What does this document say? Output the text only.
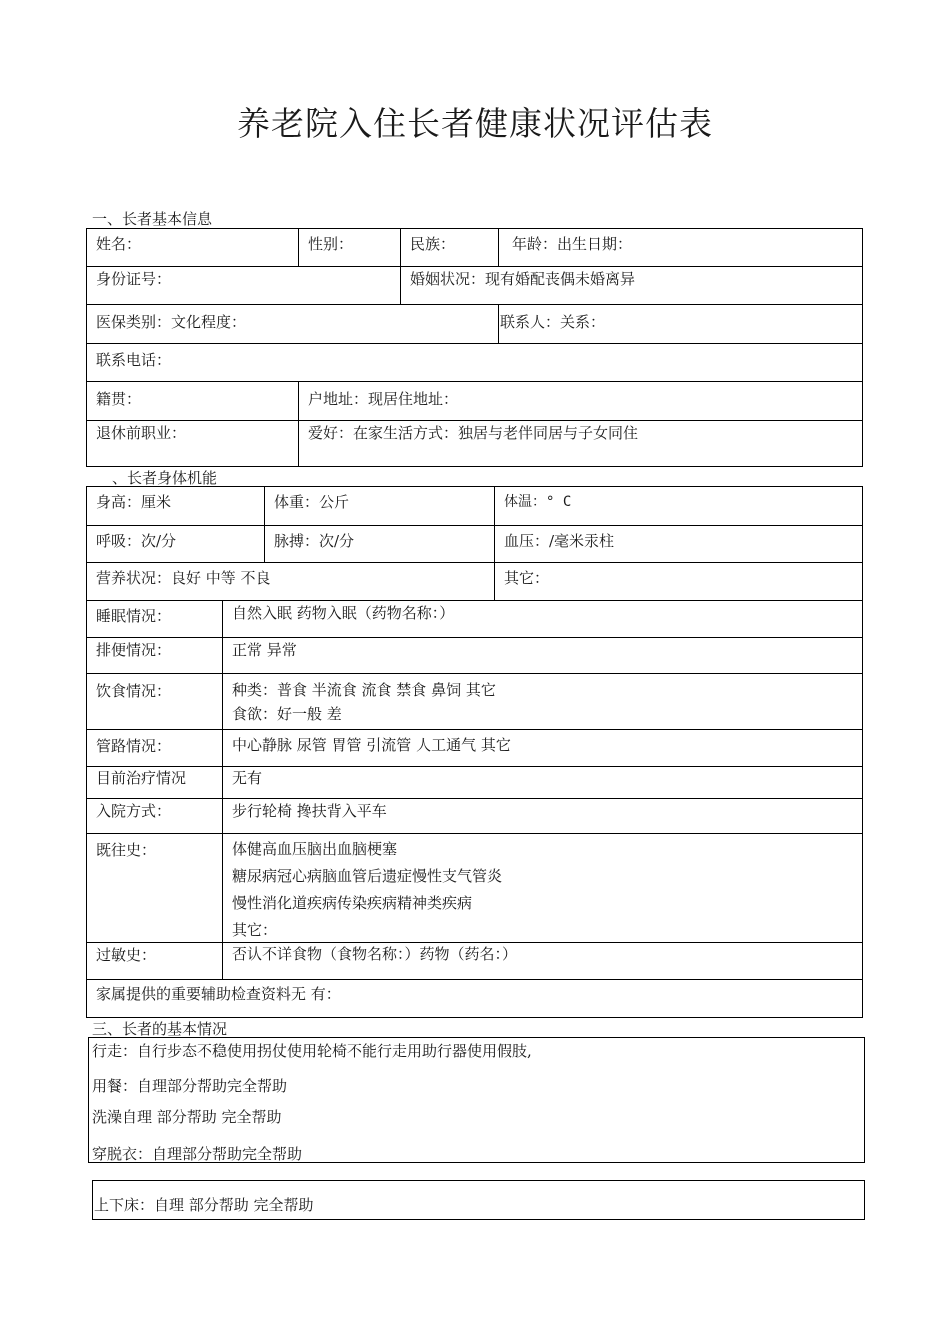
养老院入住长者健康状况评估表
一、长者基本信息
姓名：	性别：	民族：	年龄：出生日期：
身份证号：	婚姻状况：现有婚配丧偶未婚离异
医保类别：文化程度：	联系人：关系：
联系电话：
籍贯：	户地址：现居住地址：
退休前职业：	爱好：在家生活方式：独居与老伴同居与子女同住
、长者身体机能
身高：厘米	体重：公斤	体温：° C
呼吸：次/分	脉搏：次/分	血压：/毫米汞柱
营养状况：良好 中等 不良	其它：
睡眠情况：	自然入眠 药物入眠（药物名称：）
排便情况：	正常 异常
饮食情况：	种类：普食 半流食 流食 禁食 鼻饲 其它
食欲：好一般 差
管路情况：	中心静脉 尿管 胃管 引流管 人工通气 其它
目前治疗情况	无有
入院方式：	步行轮椅 搀扶背入平车
既往史：	体健高血压脑出血脑梗塞
糖尿病冠心病脑血管后遗症慢性支气管炎
慢性消化道疾病传染疾病精神类疾病
其它：
过敏史：	否认不详食物（食物名称：）药物（药名：）
家属提供的重要辅助检查资料无 有：
三、长者的基本情况
行走：自行步态不稳使用拐仗使用轮椅不能行走用助行器使用假肢,
用餐：自理部分帮助完全帮助
洗澡自理 部分帮助 完全帮助
穿脱衣：自理部分帮助完全帮助
上下床：自理 部分帮助 完全帮助
